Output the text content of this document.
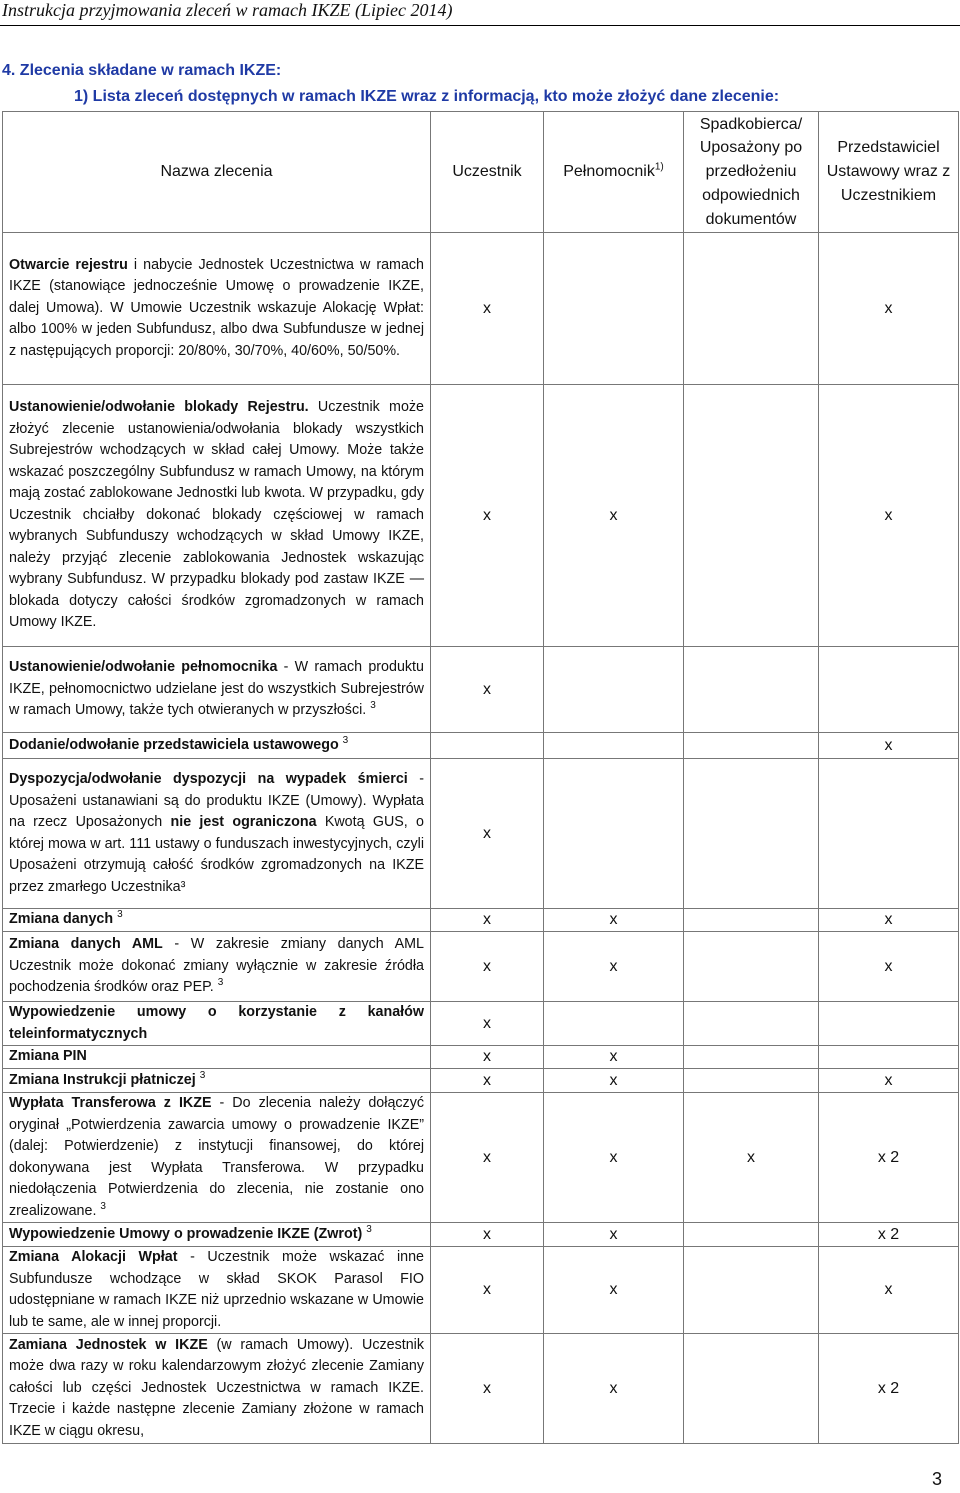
Instrukcja przyjmowania zleceń w ramach IKZE (Lipiec 2014)
4. Zlecenia składane w ramach IKZE:
1) Lista zleceń dostępnych w ramach IKZE wraz z informacją, kto może złożyć dane zlecenie:
Nazwa zlecenia	Uczestnik	Pełnomocnik$^{1)}$	Spadkobierca/ Uposażony po przedłożeniu odpowiednich dokumentów	Przedstawiciel Ustawowy wraz z Uczestnikiem
Otwarcie rejestru i nabycie Jednostek Uczestnictwa w ramach IKZE (stanowiące jednocześnie Umowę o prowadzenie IKZE, dalej Umowa). W Umowie Uczestnik wskazuje Alokację Wpłat: albo 100% w jeden Subfundusz, albo dwa Subfundusze w jednej z następujących proporcji: 20/80%, 30/70%, 40/60%, 50/50%.	x			x
Ustanowienie/odwołanie blokady Rejestru. Uczestnik może złożyć zlecenie ustanowienia/odwołania blokady wszystkich Subrejestrów wchodzących w skład całej Umowy. Może także wskazać poszczególny Subfundusz w ramach Umowy, na którym mają zostać zablokowane Jednostki lub kwota. W przypadku, gdy Uczestnik chciałby dokonać blokady częściowej w ramach wybranych Subfunduszy wchodzących w skład Umowy IKZE, należy przyjąć zlecenie zablokowania Jednostek wskazując wybrany Subfundusz. W przypadku blokady pod zastaw IKZE — blokada dotyczy całości środków zgromadzonych w ramach Umowy IKZE.	x	x		x
Ustanowienie/odwołanie pełnomocnika - W ramach produktu IKZE, pełnomocnictwo udzielane jest do wszystkich Subrejestrów w ramach Umowy, także tych otwieranych w przyszłości. $^3$	x			
Dodanie/odwołanie przedstawiciela ustawowego $^3$				x
Dyspozycja/odwołanie dyspozycji na wypadek śmierci - Uposażeni ustanawiani są do produktu IKZE (Umowy). Wypłata na rzecz Uposażonych nie jest ograniczona Kwotą GUS, o której mowa w art. 111 ustawy o funduszach inwestycyjnych, czyli Uposażeni otrzymują całość środków zgromadzonych na IKZE przez zmarłego Uczestnika³	x			
Zmiana danych $^3$	x	x		x
Zmiana danych AML - W zakresie zmiany danych AML Uczestnik może dokonać zmiany wyłącznie w zakresie źródła pochodzenia środków oraz PEP. $^3$	x	x		x
Wypowiedzenie umowy o korzystanie z kanałów teleinformatycznych	x			
Zmiana PIN	x	x		
Zmiana Instrukcji płatniczej $^3$	x	x		x
Wypłata Transferowa z IKZE - Do zlecenia należy dołączyć oryginał „Potwierdzenia zawarcia umowy o prowadzenie IKZE” (dalej: Potwierdzenie) z instytucji finansowej, do której dokonywana jest Wypłata Transferowa. W przypadku niedołączenia Potwierdzenia do zlecenia, nie zostanie ono zrealizowane. $^3$	x	x	x	x 2
Wypowiedzenie Umowy o prowadzenie IKZE (Zwrot) $^3$	x	x		x 2
Zmiana Alokacji Wpłat - Uczestnik może wskazać inne Subfundusze wchodzące w skład SKOK Parasol FIO udostępniane w ramach IKZE niż uprzednio wskazane w Umowie lub te same, ale w innej proporcji.	x	x		x
Zamiana Jednostek w IKZE (w ramach Umowy). Uczestnik może dwa razy w roku kalendarzowym złożyć zlecenie Zamiany całości lub części Jednostek Uczestnictwa w ramach IKZE. Trzecie i każde następne zlecenie Zamiany złożone w ramach IKZE w ciągu okresu,	x	x		x 2
3
